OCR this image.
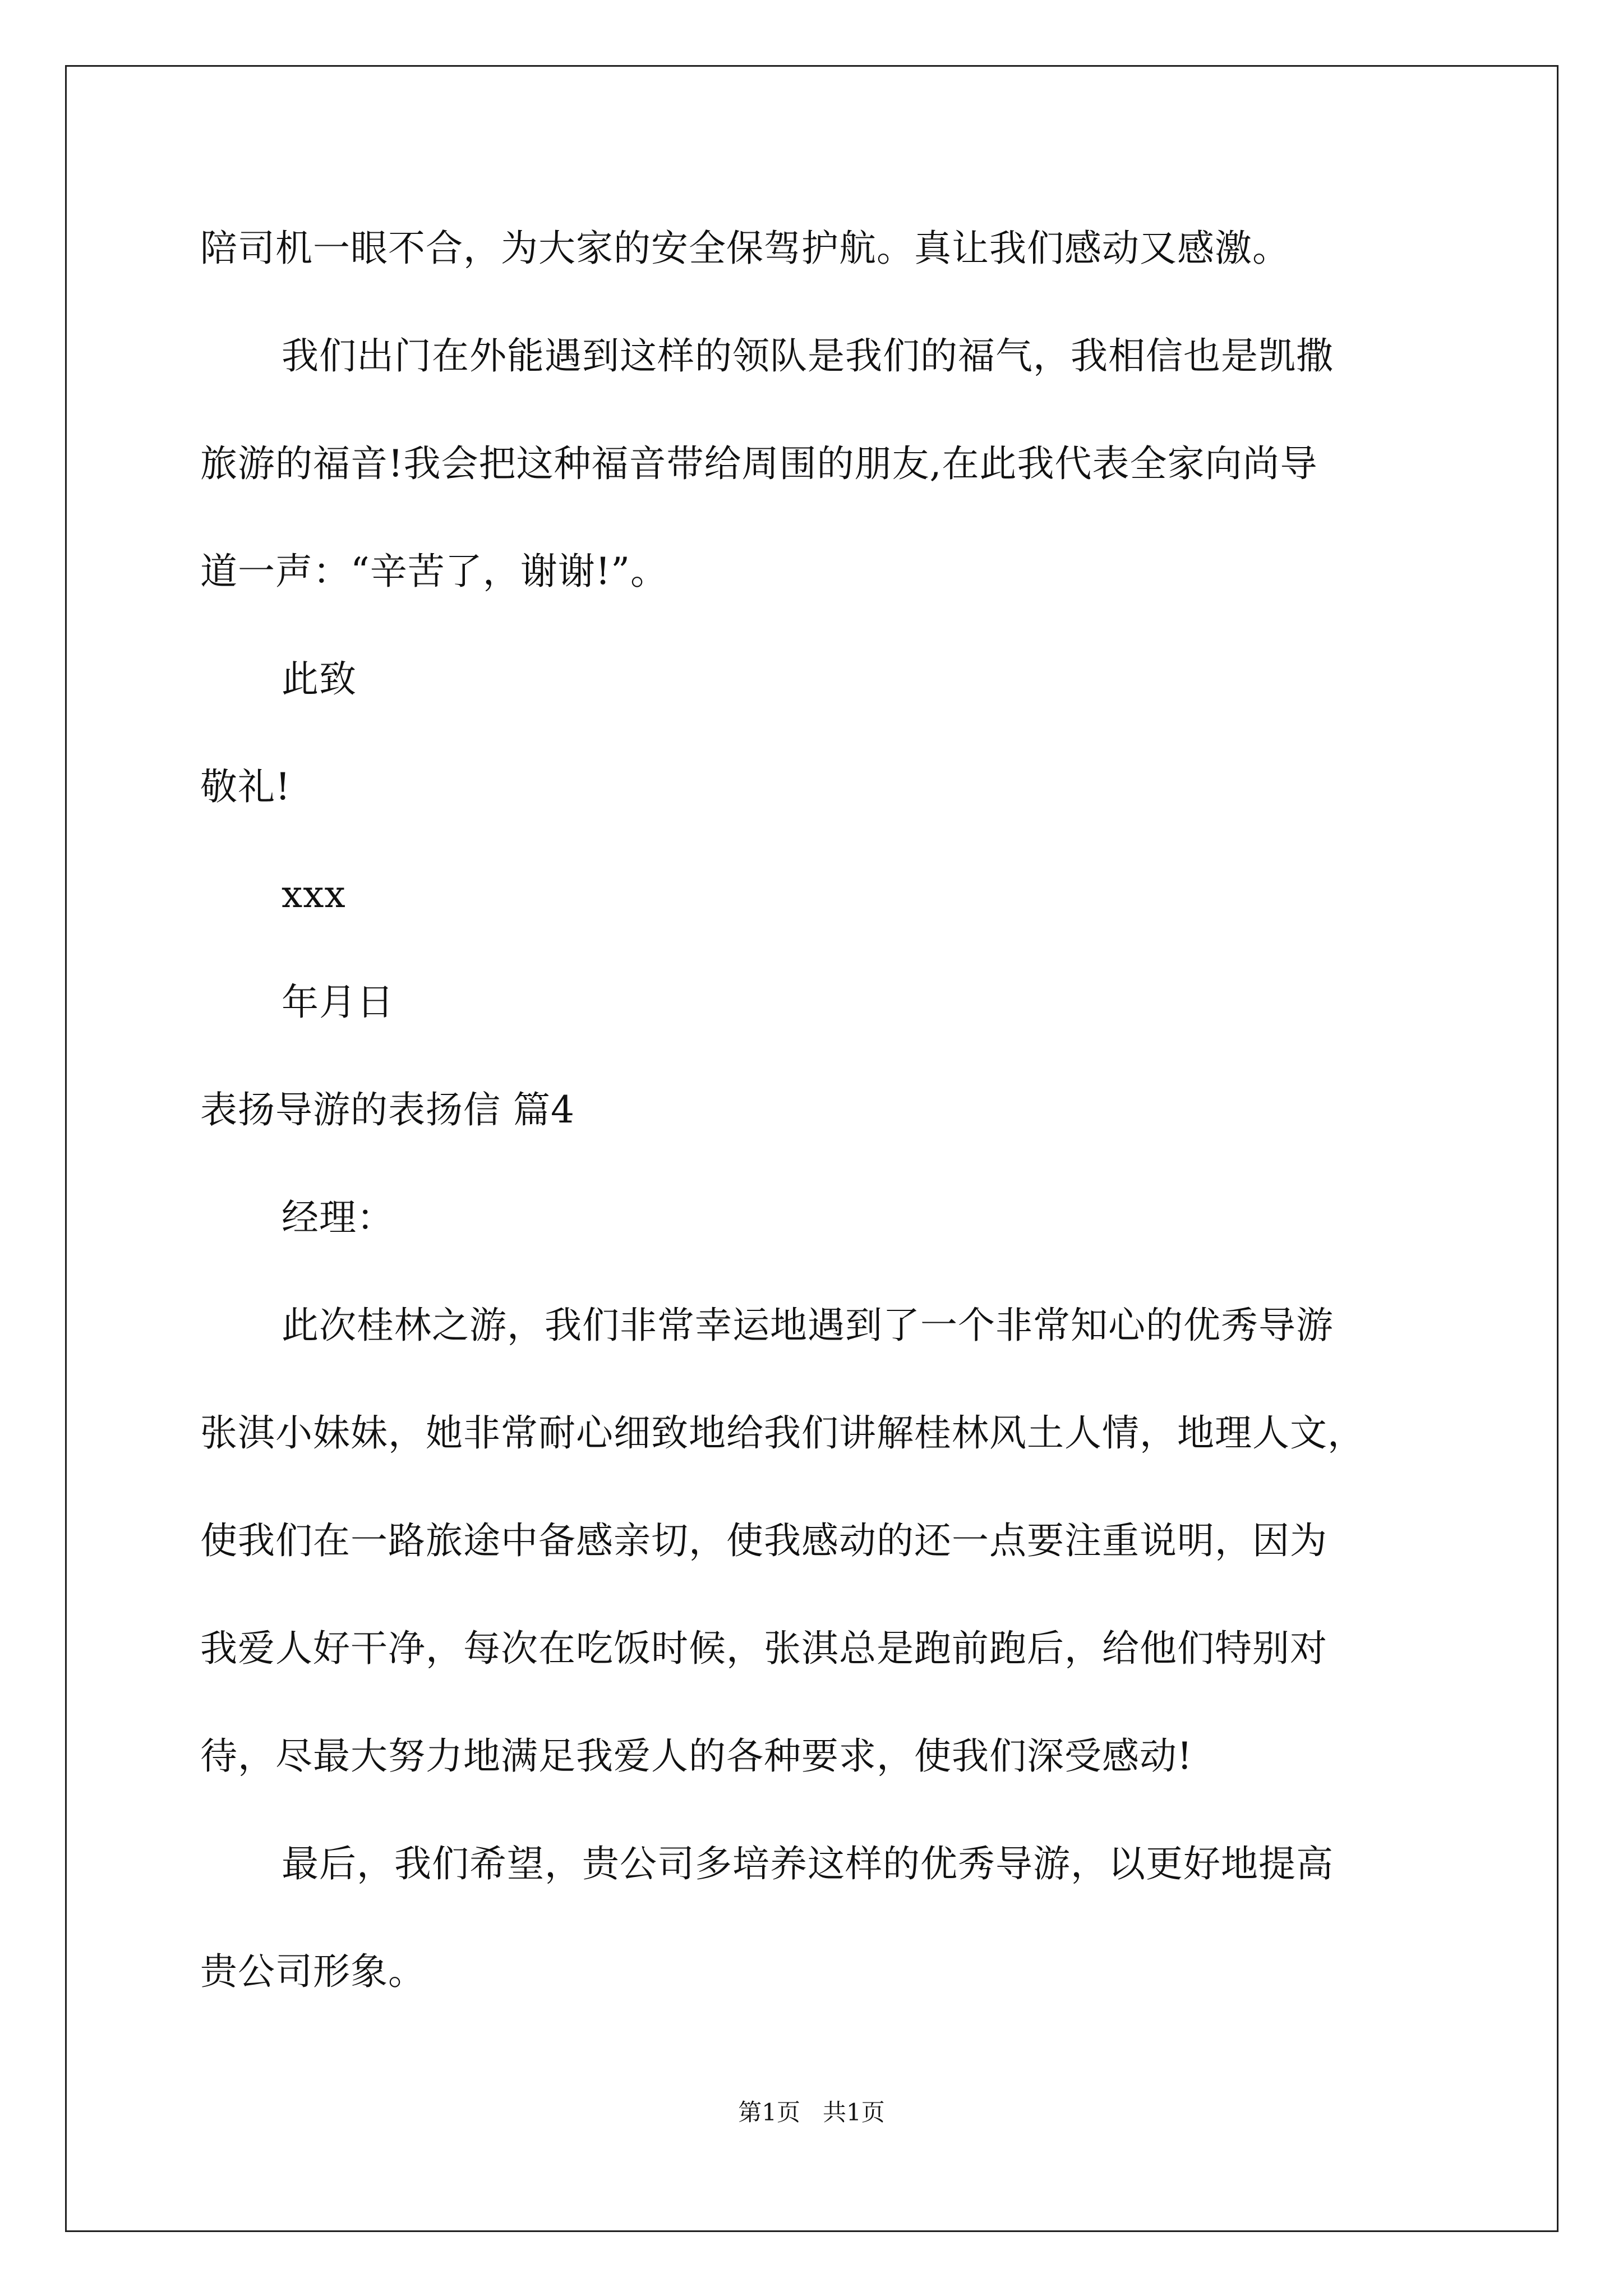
陪司机一眼不合，为大家的安全保驾护航。真让我们感动又感激。
我们出门在外能遇到这样的领队是我们的福气，我相信也是凯撒
旅游的福音!我会把这种福音带给周围的朋友,在此我代表全家向尚导
道一声：“辛苦了，谢谢!”。
此致
敬礼!
xxx
年月日
表扬导游的表扬信 篇4
经理：
此次桂林之游，我们非常幸运地遇到了一个非常知心的优秀导游
张淇小妹妹，她非常耐心细致地给我们讲解桂林风土人情，地理人文，
使我们在一路旅途中备感亲切，使我感动的还一点要注重说明，因为
我爱人好干净，每次在吃饭时候，张淇总是跑前跑后，给他们特别对
待，尽最大努力地满足我爱人的各种要求，使我们深受感动!
最后，我们希望，贵公司多培养这样的优秀导游，以更好地提高
贵公司形象。
第1页   共1页
